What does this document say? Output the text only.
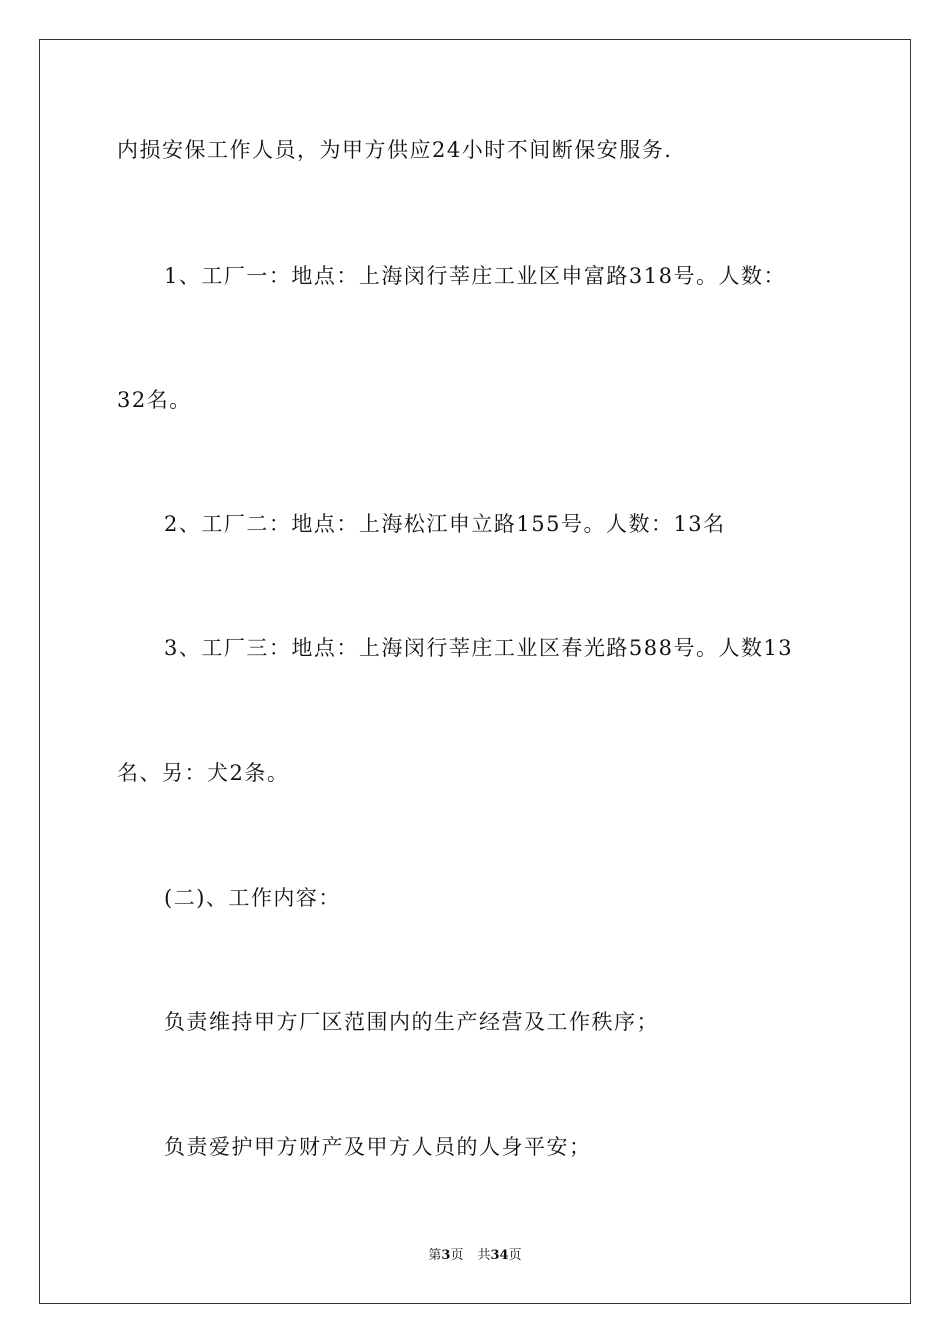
内损安保工作人员，为甲方供应24小时不间断保安服务.
1、工厂一：地点：上海闵行莘庄工业区申富路318号。人数：
32名。
2、工厂二：地点：上海松江申立路155号。人数：13名
3、工厂三：地点：上海闵行莘庄工业区春光路588号。人数13
名、另：犬2条。
(二)、工作内容：
负责维持甲方厂区范围内的生产经营及工作秩序；
负责爱护甲方财产及甲方人员的人身平安；
第3页 共34页
